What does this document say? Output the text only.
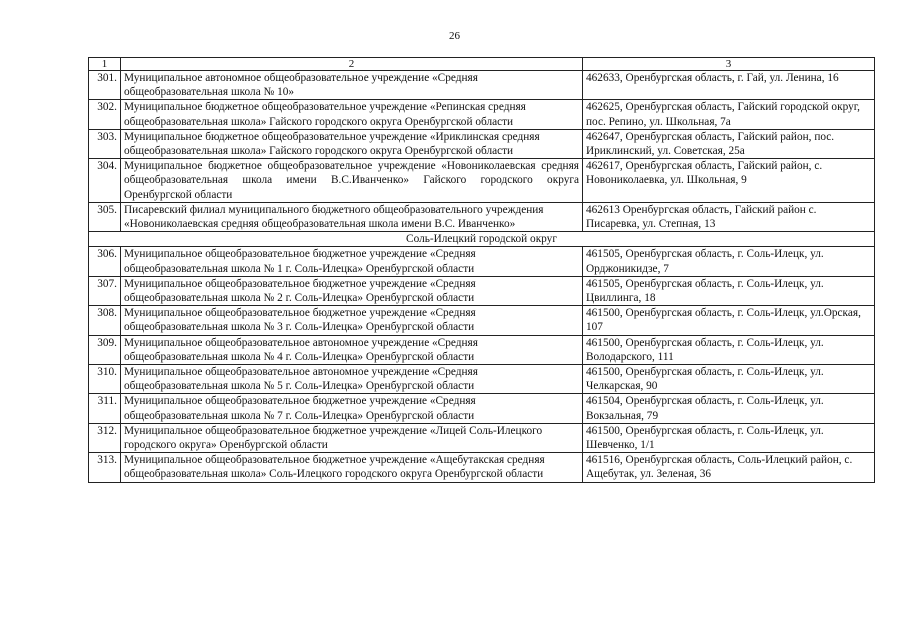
26
1	2	3
301.	Муниципальное автономное общеобразовательное учреждение «Средняя общеобразовательная школа № 10»	462633, Оренбургская область, г. Гай, ул. Ленина, 16
302.	Муниципальное бюджетное общеобразовательное учреждение «Репинская средняя общеобразовательная школа» Гайского городского округа Оренбургской области	462625, Оренбургская область, Гайский городской округ, пос. Репино, ул. Школьная, 7а
303.	Муниципальное бюджетное общеобразовательное учреждение «Ириклинская средняя общеобразовательная школа» Гайского городского округа Оренбургской области	462647, Оренбургская область, Гайский район, пос. Ириклинский, ул. Советская, 25а
304.	Муниципальное бюджетное общеобразовательное учреждение «Новониколаевская средняя общеобразовательная школа имени В.С.Иванченко» Гайского городского округа Оренбургской области	462617, Оренбургская область, Гайский район, с. Новониколаевка, ул. Школьная, 9
305.	Писаревский филиал муниципального бюджетного общеобразовательного учреждения «Новониколаевская средняя общеобразовательная школа имени В.С. Иванченко»	462613 Оренбургская область, Гайский район с. Писаревка, ул. Степная, 13
Соль-Илецкий городской округ		
306.	Муниципальное общеобразовательное бюджетное учреждение «Средняя общеобразовательная школа № 1 г. Соль-Илецка» Оренбургской области	461505, Оренбургская область, г. Соль-Илецк, ул. Орджоникидзе, 7
307.	Муниципальное общеобразовательное бюджетное учреждение «Средняя общеобразовательная школа № 2 г. Соль-Илецка» Оренбургской области	461505, Оренбургская область, г. Соль-Илецк, ул. Цвиллинга, 18
308.	Муниципальное общеобразовательное бюджетное учреждение «Средняя общеобразовательная школа № 3 г. Соль-Илецка» Оренбургской области	461500, Оренбургская область, г. Соль-Илецк, ул.Орская, 107
309.	Муниципальное общеобразовательное автономное учреждение «Средняя общеобразовательная школа № 4 г. Соль-Илецка» Оренбургской области	461500, Оренбургская область, г. Соль-Илецк, ул. Володарского, 111
310.	Муниципальное общеобразовательное автономное учреждение «Средняя общеобразовательная школа № 5 г. Соль-Илецка» Оренбургской области	461500, Оренбургская область, г. Соль-Илецк, ул. Челкарская, 90
311.	Муниципальное общеобразовательное бюджетное учреждение «Средняя общеобразовательная школа № 7 г. Соль-Илецка» Оренбургской области	461504, Оренбургская область, г. Соль-Илецк, ул. Вокзальная, 79
312.	Муниципальное общеобразовательное бюджетное учреждение «Лицей Соль-Илецкого городского округа» Оренбургской области	461500, Оренбургская область, г. Соль-Илецк, ул. Шевченко, 1/1
313.	Муниципальное общеобразовательное бюджетное учреждение «Ащебутакская средняя общеобразовательная школа» Соль-Илецкого городского округа Оренбургской области	461516, Оренбургская область, Соль-Илецкий район, с. Ащебутак, ул. Зеленая, 36
